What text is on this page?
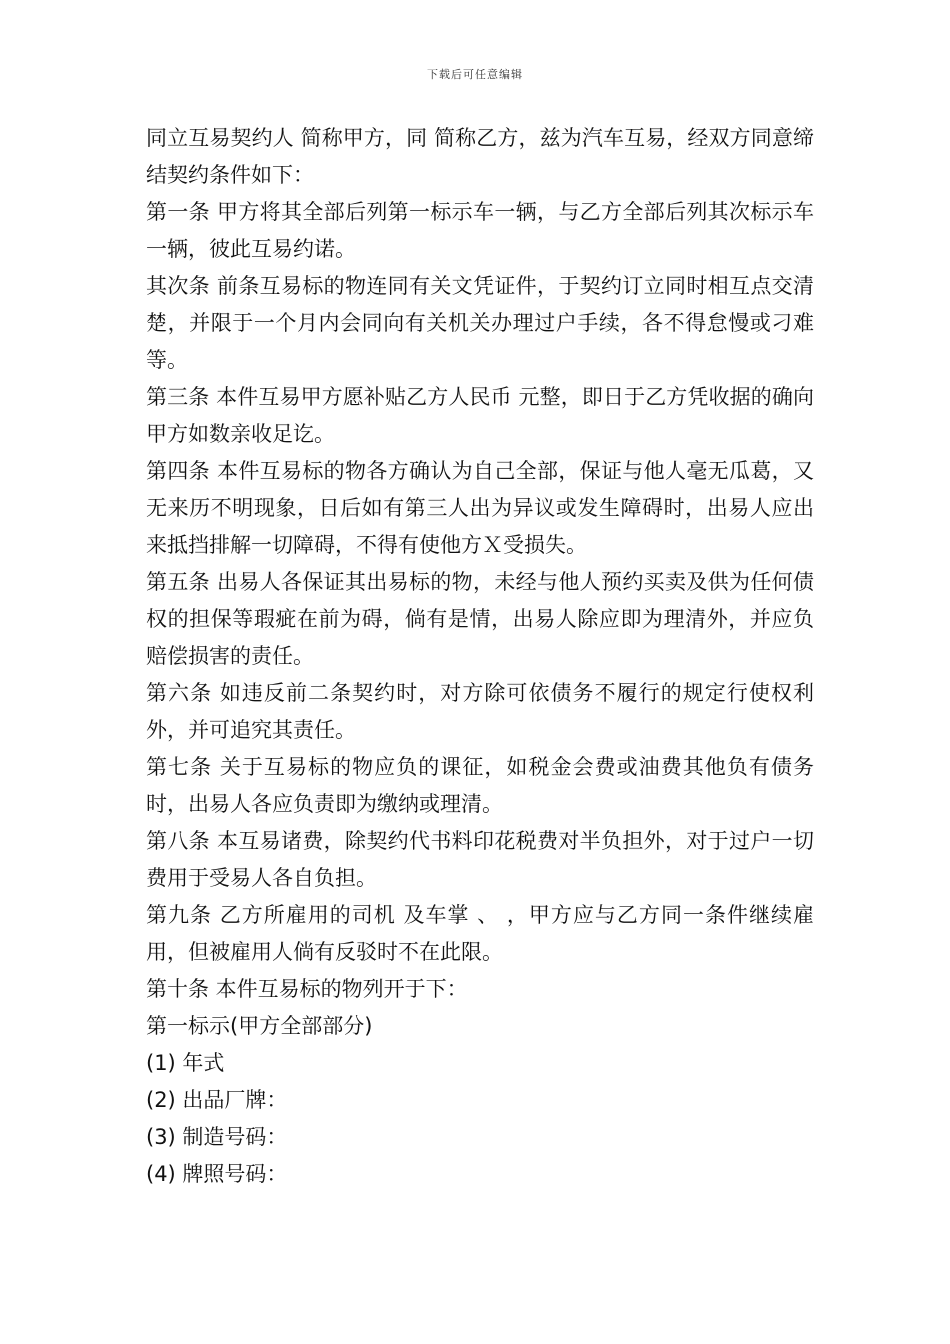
下载后可任意编辑

同立互易契约人 简称甲方，同 简称乙方，兹为汽车互易，经双方同意缔结契约条件如下：

第一条 甲方将其全部后列第一标示车一辆，与乙方全部后列其次标示车一辆，彼此互易约诺。

其次条 前条互易标的物连同有关文凭证件，于契约订立同时相互点交清楚，并限于一个月内会同向有关机关办理过户手续，各不得怠慢或刁难等。

第三条 本件互易甲方愿补贴乙方人民币 元整，即日于乙方凭收据的确向甲方如数亲收足讫。

第四条 本件互易标的物各方确认为自己全部，保证与他人毫无瓜葛，又无来历不明现象，日后如有第三人出为异议或发生障碍时，出易人应出来抵挡排解一切障碍，不得有使他方Ｘ受损失。

第五条 出易人各保证其出易标的物，未经与他人预约买卖及供为任何债权的担保等瑕疵在前为碍，倘有是情，出易人除应即为理清外，并应负赔偿损害的责任。

第六条 如违反前二条契约时，对方除可依债务不履行的规定行使权利外，并可追究其责任。

第七条 关于互易标的物应负的课征，如税金会费或油费其他负有债务时，出易人各应负责即为缴纳或理清。

第八条 本互易诸费，除契约代书料印花税费对半负担外，对于过户一切费用于受易人各自负担。

第九条 乙方所雇用的司机 及车掌 、 ，甲方应与乙方同一条件继续雇用，但被雇用人倘有反驳时不在此限。

第十条 本件互易标的物列开于下：

第一标示(甲方全部部分)

(1) 年式

(2) 出品厂牌：

(3) 制造号码：

(4) 牌照号码：
